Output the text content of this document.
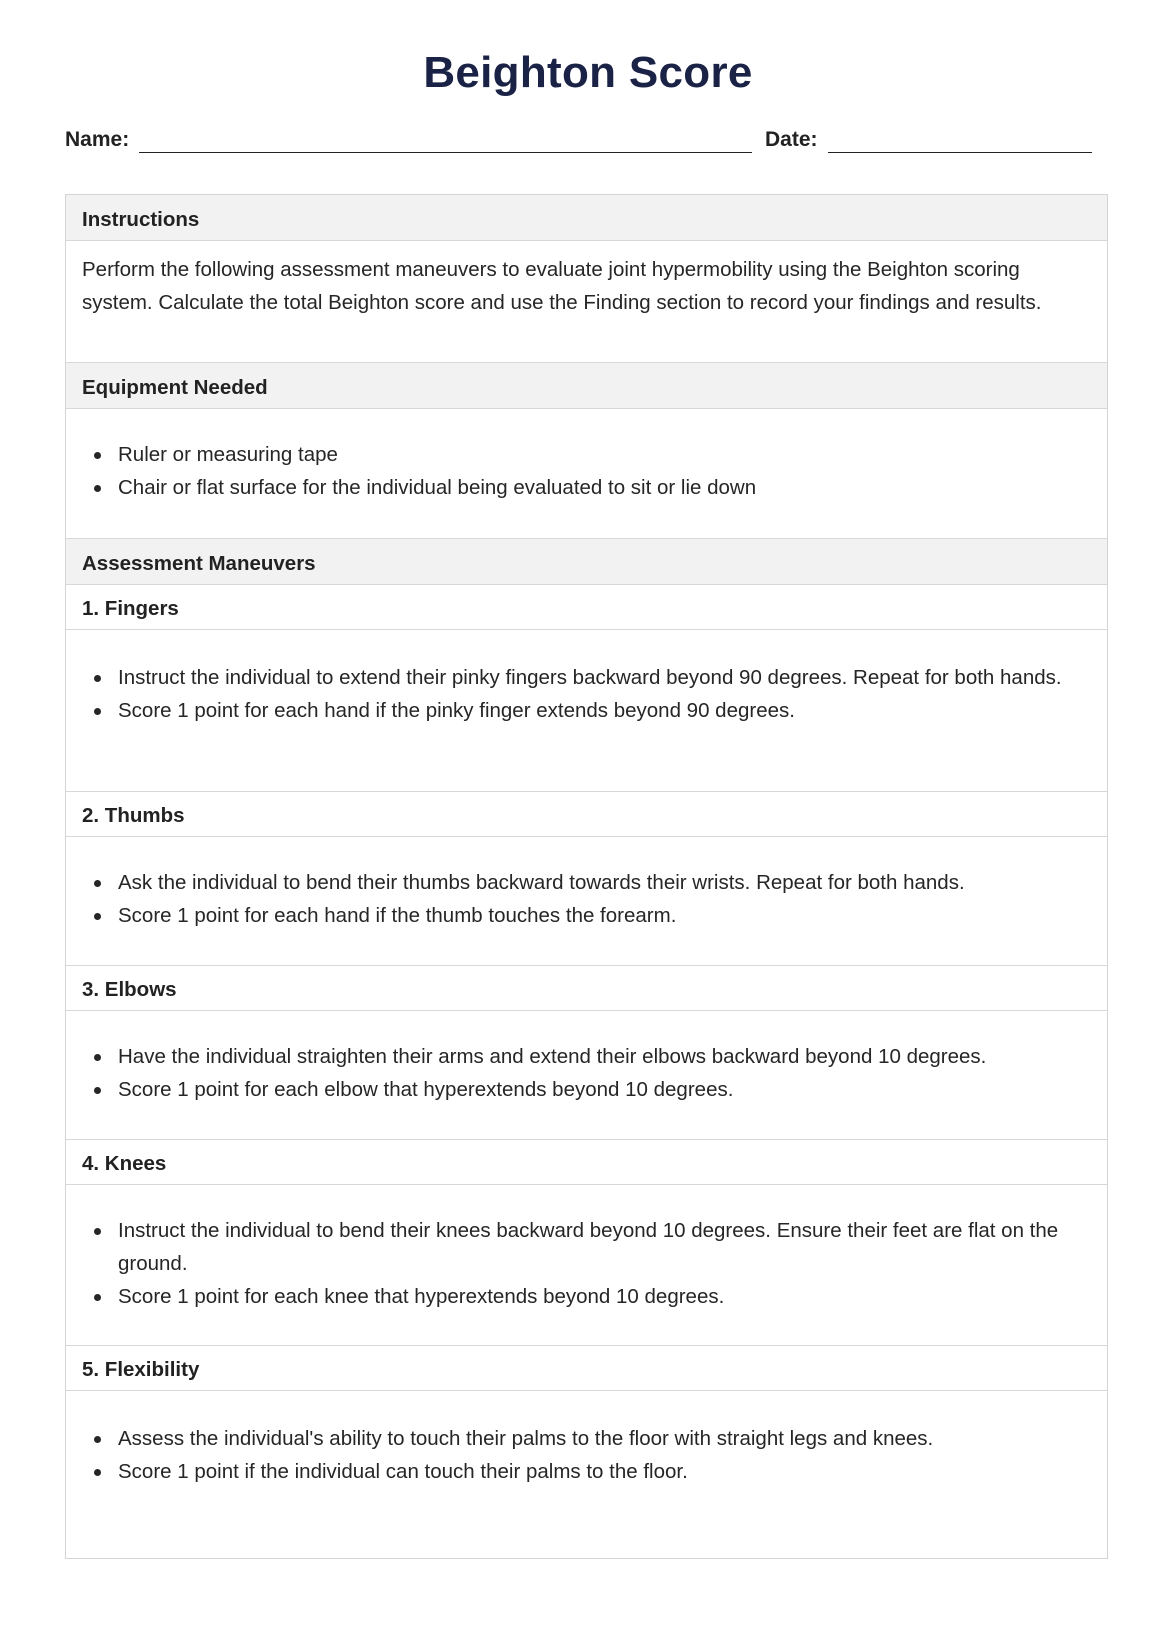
Beighton Score
Name:	Date:
Instructions
Perform the following assessment maneuvers to evaluate joint hypermobility using the Beighton scoring system. Calculate the total Beighton score and use the Finding section to record your findings and results.
Equipment Needed
Ruler or measuring tape
Chair or flat surface for the individual being evaluated to sit or lie down
Assessment Maneuvers
1. Fingers
Instruct the individual to extend their pinky fingers backward beyond 90 degrees. Repeat for both hands.
Score 1 point for each hand if the pinky finger extends beyond 90 degrees.
2. Thumbs
Ask the individual to bend their thumbs backward towards their wrists. Repeat for both hands.
Score 1 point for each hand if the thumb touches the forearm.
3. Elbows
Have the individual straighten their arms and extend their elbows backward beyond 10 degrees.
Score 1 point for each elbow that hyperextends beyond 10 degrees.
4. Knees
Instruct the individual to bend their knees backward beyond 10 degrees. Ensure their feet are flat on the ground.
Score 1 point for each knee that hyperextends beyond 10 degrees.
5. Flexibility
Assess the individual's ability to touch their palms to the floor with straight legs and knees.
Score 1 point if the individual can touch their palms to the floor.
